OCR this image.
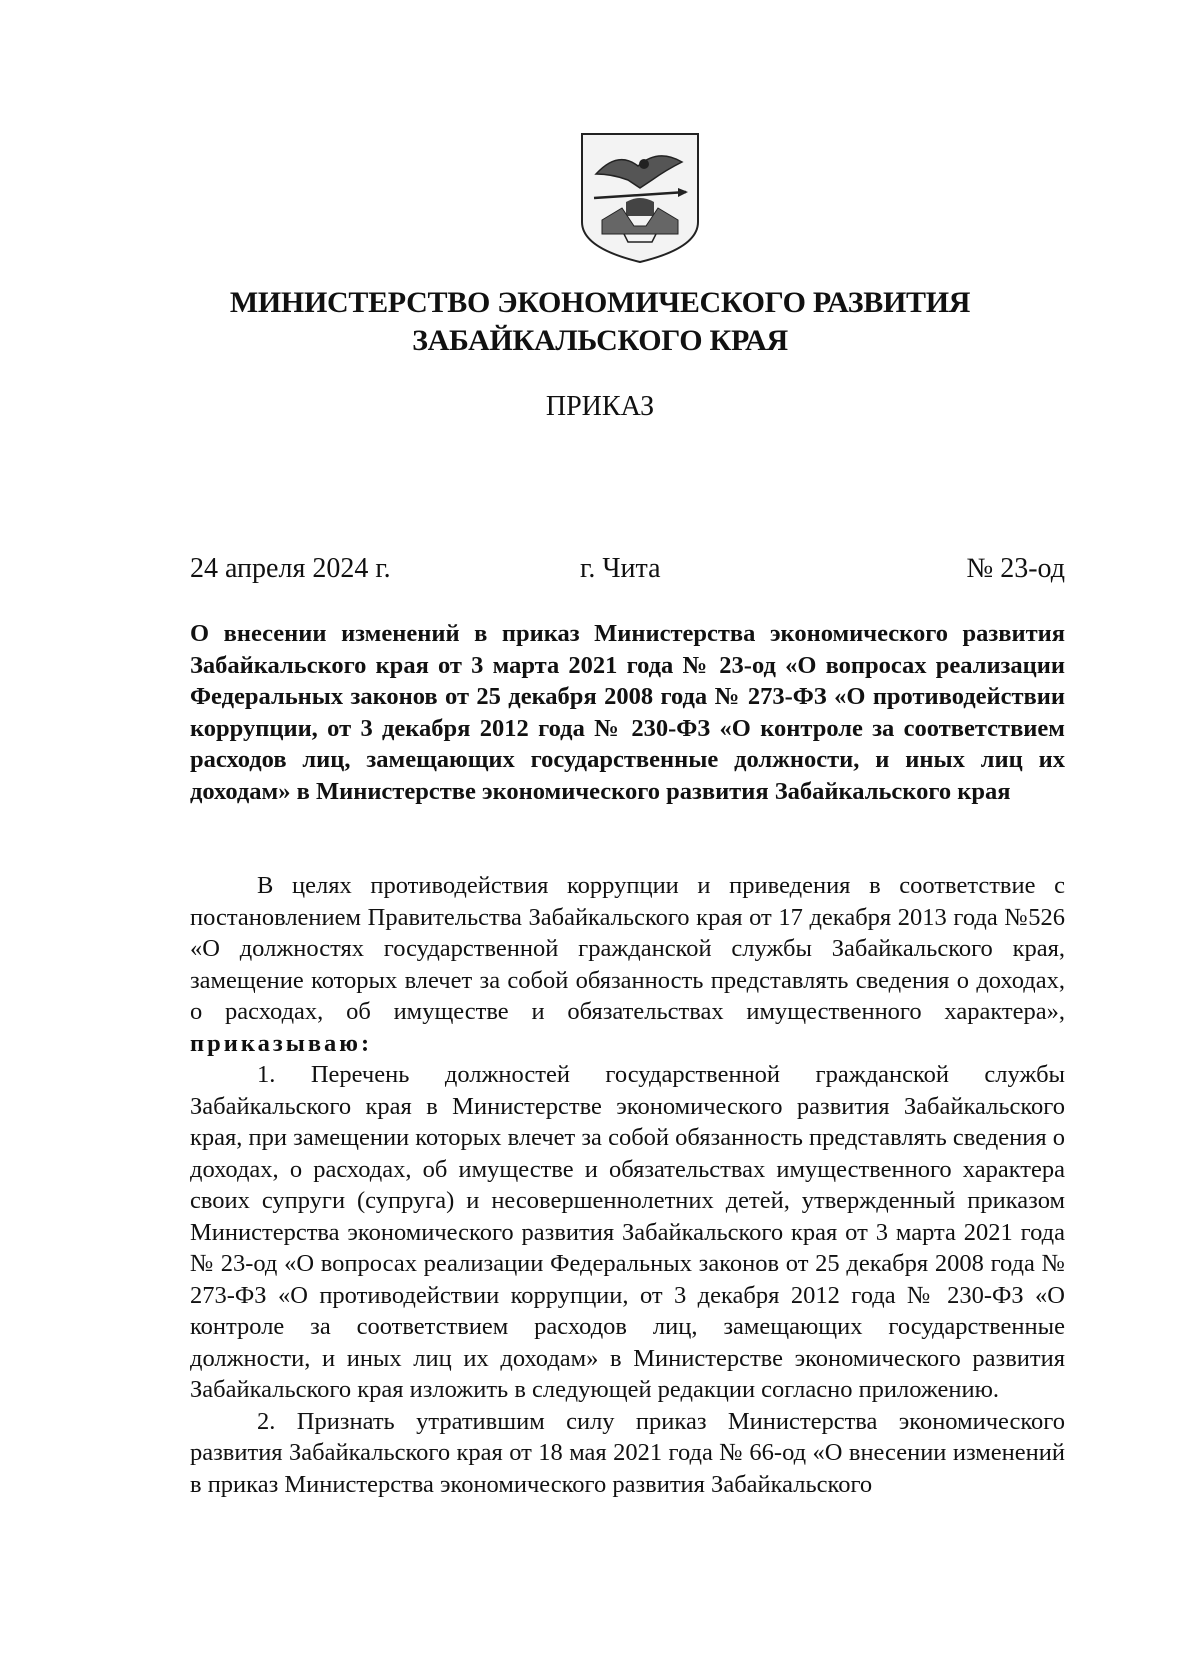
МИНИСТЕРСТВО ЭКОНОМИЧЕСКОГО РАЗВИТИЯ
ЗАБАЙКАЛЬСКОГО КРАЯ
ПРИКАЗ
24 апреля 2024 г.	г. Чита	№ 23-од
О внесении изменений в приказ Министерства экономического развития Забайкальского края от 3 марта 2021 года № 23-од «О вопросах реализации Федеральных законов от 25 декабря 2008 года № 273-ФЗ «О противодействии коррупции, от 3 декабря 2012 года № 230-ФЗ «О контроле за соответствием расходов лиц, замещающих государственные должности, и иных лиц их доходам» в Министерстве экономического развития Забайкальского края

В целях противодействия коррупции и приведения в соответствие с постановлением Правительства Забайкальского края от 17 декабря 2013 года №526 «О должностях государственной гражданской службы Забайкальского края, замещение которых влечет за собой обязанность представлять сведения о доходах, о расходах, об имуществе и обязательствах имущественного характера», приказываю:

1. Перечень должностей государственной гражданской службы Забайкальского края в Министерстве экономического развития Забайкальского края, при замещении которых влечет за собой обязанность представлять сведения о доходах, о расходах, об имуществе и обязательствах имущественного характера своих супруги (супруга) и несовершеннолетних детей, утвержденный приказом Министерства экономического развития Забайкальского края от 3 марта 2021 года № 23-од «О вопросах реализации Федеральных законов от 25 декабря 2008 года № 273-ФЗ «О противодействии коррупции, от 3 декабря 2012 года № 230-ФЗ «О контроле за соответствием расходов лиц, замещающих государственные должности, и иных лиц их доходам» в Министерстве экономического развития Забайкальского края изложить в следующей редакции согласно приложению.

2. Признать утратившим силу приказ Министерства экономического развития Забайкальского края от 18 мая 2021 года № 66-од «О внесении изменений в приказ Министерства экономического развития Забайкальского
